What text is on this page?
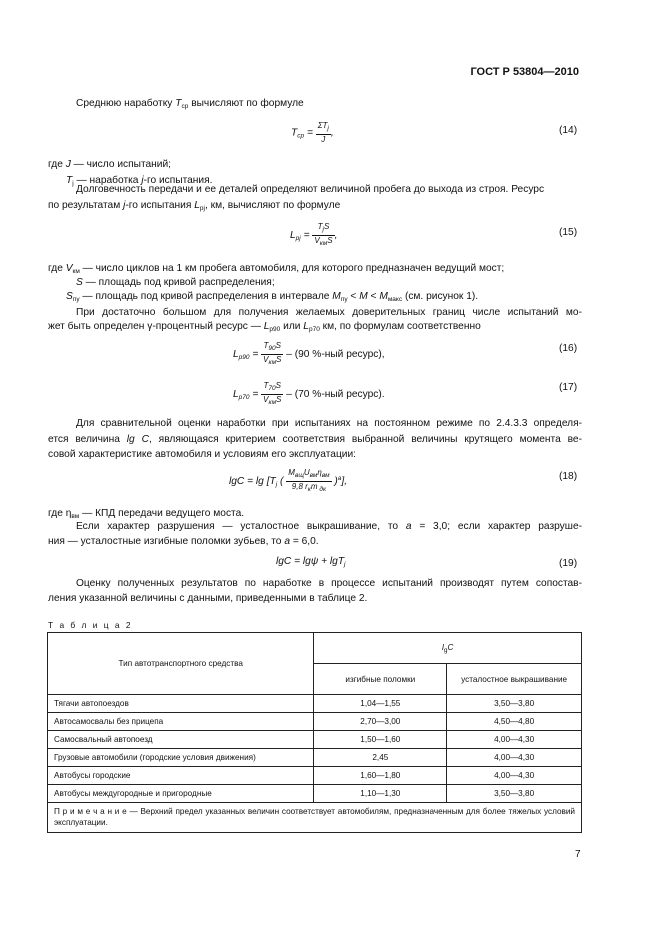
ГОСТ Р 53804—2010
Среднюю наработку $T_{ср}$ вычисляют по формуле
$T_{ср} = \frac{\Sigma T_j}{J}$ ,	(14)
где J — число испытаний;
$T_j$ — наработка j-го испытания.
Долговечность передачи и ее деталей определяют величиной пробега до выхода из строя. Ресурс
по результатам j-го испытания $L_{pj}$, км, вычисляют по формуле
$L_{pj} = \frac{T_jS}{V_{км}S}$ ,	(15)
где $V_{км}$ — число циклов на 1 км пробега автомобиля, для которого предназначен ведущий мост;
S — площадь под кривой распределения;
$S_{пу}$ — площадь под кривой распределения в интервале $M_{пу} < M < M_{макс}$ (см. рисунок 1).
При достаточно большом для получения желаемых доверительных границ числе испытаний мо-
жет быть определен γ-процентный ресурс — $L_{p90}$ или $L_{p70}$ км, по формулам соответственно
$L_{p90} = \frac{T_{90}S}{V_{км}S} - (90$ %-ный ресурс),
(16)
$L_{p70} = \frac{T_{70}S}{V_{км}S} - (70$ %-ный ресурс).
(17)
Для сравнительной оценки наработки при испытаниях на постоянном режиме по 2.4.3.3 определя-
ется величина lg C, являющаяся критерием соответствия выбранной величины крутящего момента ве-
совой характеристике автомобиля и условиям его эксплуатации:
$\lg C = \lg [T_j$ ( $\frac{M_{вщ}U_{вм}\eta_{вм}}{9,8 r_кm _{дк}} )^a$],	(18)
где $\eta_{вм}$ — КПД передачи ведущего моста.
Если характер разрушения — усталостное выкрашивание, то a = 3,0; если характер разруше-
ния — усталостные изгибные поломки зубьев, то a = 6,0.
lgC = lgψ + lgT$_j$	(19)
Оценку полученных результатов по наработке в процессе испытаний производят путем сопостав-
ления указанной величины с данными, приведенными в таблице 2.
Т а б л и ц а 2
Тип автотранспортного средства	$l_gC$	
	изгибные поломки	усталостное выкрашивание
Тягачи автопоездов	1,04—1,55	3,50—3,80
Автосамосвалы без прицепа	2,70—3,00	4,50—4,80
Самосвальный автопоезд	1,50—1,60	4,00—4,30
Грузовые автомобили (городские условия движения)	2,45	4,00—4,30
Автобусы городские	1,60—1,80	4,00—4,30
Автобусы междугородные и пригородные	1,10—1,30	3,50—3,80
П р и м е ч а н и е — Верхний предел указанных величин соответствует автомобилям, предназначенным для более тяжелых условий эксплуатации.		
7
